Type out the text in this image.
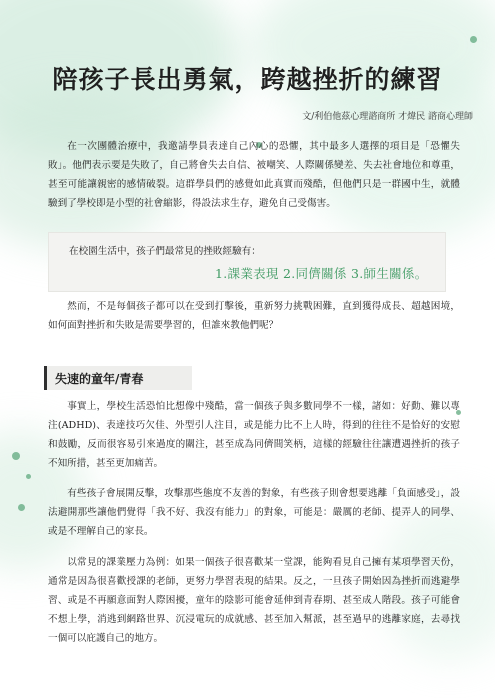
陪孩子長出勇氣，跨越挫折的練習

文/利伯他茲心理諮商所 才煒民 諮商心理師

在一次團體治療中，我邀請學員表達自己內心的恐懼，其中最多人選擇的項目是「恐懼失敗」。他們表示要是失敗了，自己將會失去自信、被嘲笑、人際關係變差、失去社會地位和尊重，甚至可能讓親密的感情破裂。這群學員們的感覺如此真實而殘酷，但他們只是一群國中生，就體驗到了學校即是小型的社會縮影，得設法求生存，避免自己受傷害。

在校園生活中，孩子們最常見的挫敗經驗有：

1.課業表現 2.同儕關係 3.師生關係。

然而，不是每個孩子都可以在受到打擊後，重新努力挑戰困難，直到獲得成長、超越困境，如何面對挫折和失敗是需要學習的，但誰來教他們呢？

失速的童年/青春

事實上，學校生活恐怕比想像中殘酷，當一個孩子與多數同學不一樣，諸如：好動、難以專注(ADHD)、表達技巧欠佳、外型引人注目，或是能力比不上人時，得到的往往不是恰好的安慰和鼓勵，反而很容易引來過度的關注，甚至成為同儕間笑柄，這樣的經驗往往讓遭遇挫折的孩子不知所措，甚至更加痛苦。

有些孩子會展開反擊，攻擊那些態度不友善的對象，有些孩子則會想要逃離「負面感受」，設法避開那些讓他們覺得「我不好、我沒有能力」的對象，可能是：嚴厲的老師、提弄人的同學、或是不理解自己的家長。

以常見的課業壓力為例：如果一個孩子很喜歡某一堂課，能夠看見自己擁有某項學習天份，通常是因為很喜歡授課的老師，更努力學習表現的結果。反之，一旦孩子開始因為挫折而逃避學習、或是不再願意面對人際困擾，童年的陰影可能會延伸到青春期、甚至成人階段。孩子可能會不想上學，消逃到網路世界、沉浸電玩的成就感、甚至加入幫派，甚至過早的逃離家庭，去尋找一個可以庇護自己的地方。
